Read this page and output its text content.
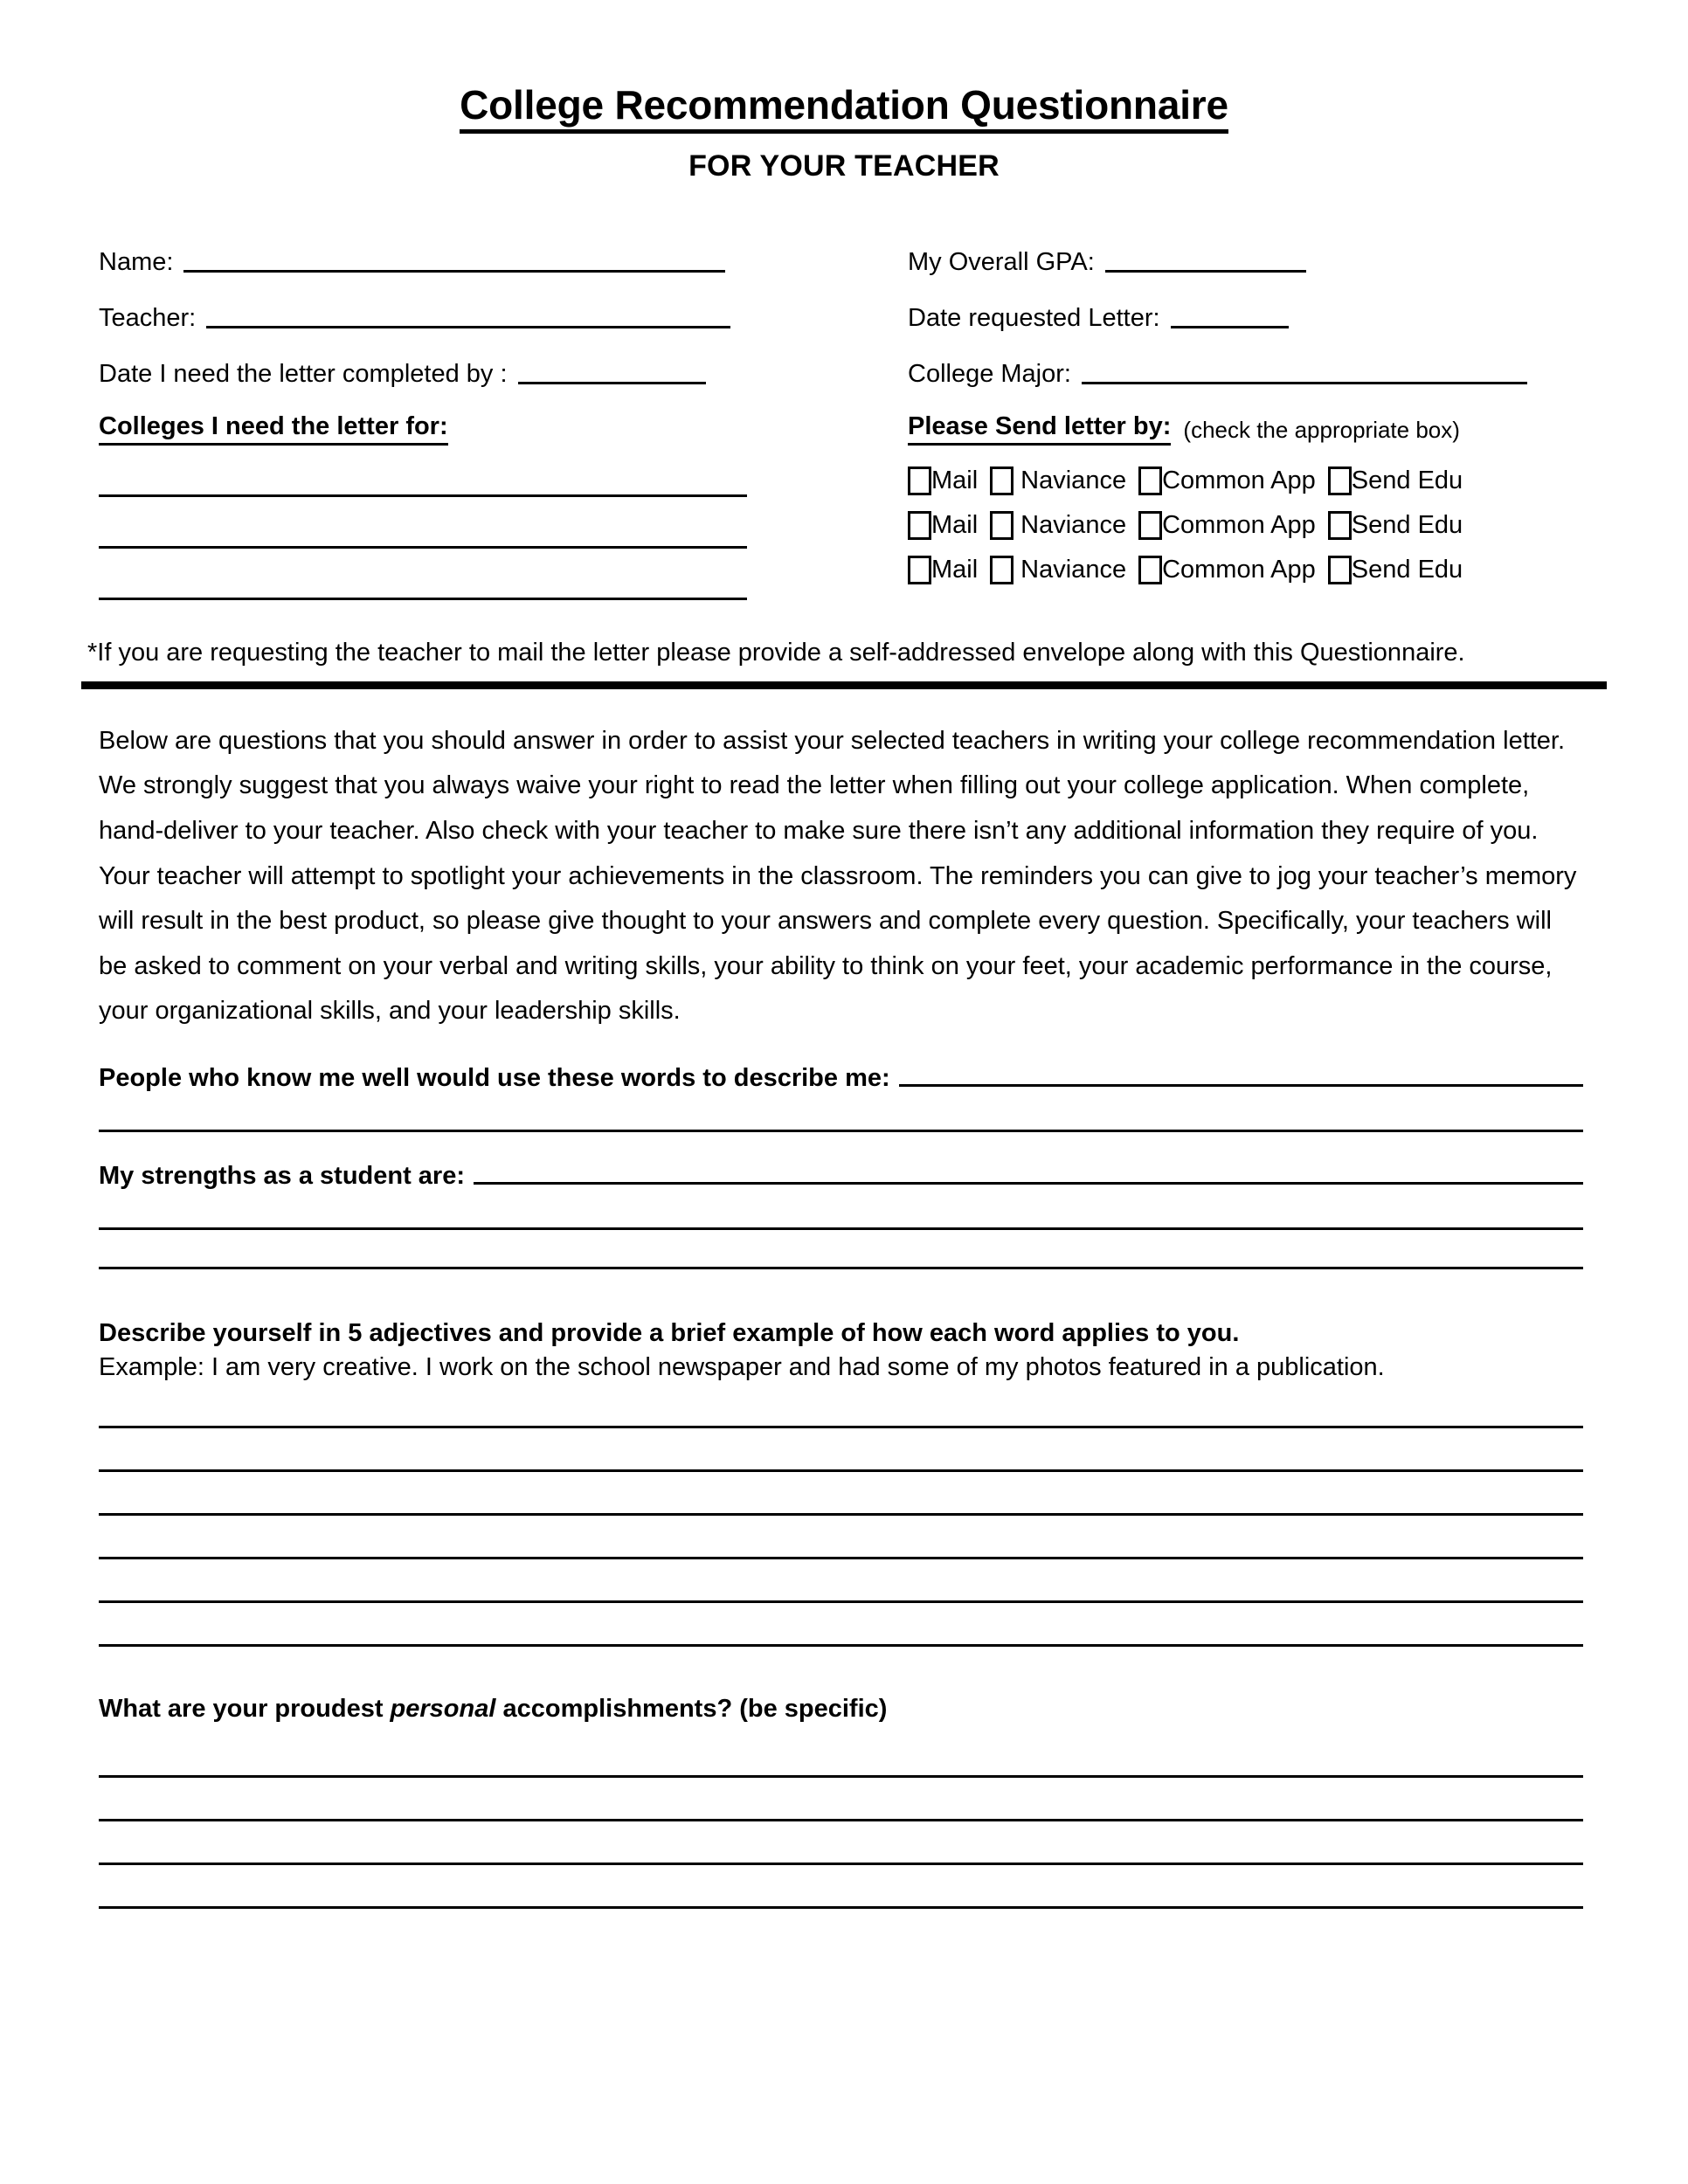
College Recommendation Questionnaire
FOR YOUR TEACHER
Name:
Teacher:
Date I need the letter completed by :
Colleges I need the letter for:
My Overall GPA:
Date requested Letter:
College Major:
Please Send letter by: (check the appropriate box)
Mail Naviance Common App Send Edu
Mail Naviance Common App Send Edu
Mail Naviance Common App Send Edu
*If you are requesting the teacher to mail the letter please provide a self-addressed envelope along with this Questionnaire.

Below are questions that you should answer in order to assist your selected teachers in writing your college recommendation letter. We strongly suggest that you always waive your right to read the letter when filling out your college application. When complete, hand-deliver to your teacher. Also check with your teacher to make sure there isn’t any additional information they require of you. Your teacher will attempt to spotlight your achievements in the classroom. The reminders you can give to jog your teacher’s memory will result in the best product, so please give thought to your answers and complete every question. Specifically, your teachers will be asked to comment on your verbal and writing skills, your ability to think on your feet, your academic performance in the course, your organizational skills, and your leadership skills.

People who know me well would use these words to describe me:
My strengths as a student are:
Describe yourself in 5 adjectives and provide a brief example of how each word applies to you.
Example: I am very creative. I work on the school newspaper and had some of my photos featured in a publication.
What are your proudest personal accomplishments? (be specific)
